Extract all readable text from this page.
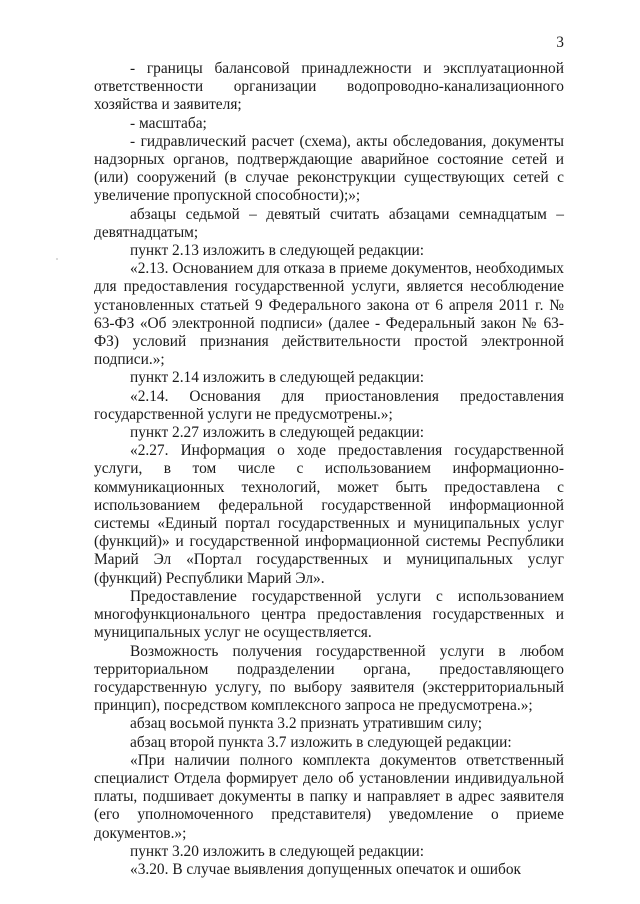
3

- границы балансовой принадлежности и эксплуатационной ответственности организации водопроводно-канализационного хозяйства и заявителя;

- масштаба;

- гидравлический расчет (схема), акты обследования, документы надзорных органов, подтверждающие аварийное состояние сетей и (или) сооружений (в случае реконструкции существующих сетей с увеличение пропускной способности);»;

абзацы седьмой – девятый считать абзацами семнадцатым – девятнадцатым;

пункт 2.13 изложить в следующей редакции:

«2.13. Основанием для отказа в приеме документов, необходимых для предоставления государственной услуги, является несоблюдение установленных статьей 9 Федерального закона от 6 апреля 2011 г. № 63-ФЗ «Об электронной подписи» (далее - Федеральный закон № 63-ФЗ) условий признания действительности простой электронной подписи.»;

пункт 2.14 изложить в следующей редакции:

«2.14. Основания для приостановления предоставления государственной услуги не предусмотрены.»;

пункт 2.27 изложить в следующей редакции:

«2.27. Информация о ходе предоставления государственной услуги, в том числе с использованием информационно-коммуникационных технологий, может быть предоставлена с использованием федеральной государственной информационной системы «Единый портал государственных и муниципальных услуг (функций)» и государственной информационной системы Республики Марий Эл «Портал государственных и муниципальных услуг (функций) Республики Марий Эл».

Предоставление государственной услуги с использованием многофункционального центра предоставления государственных и муниципальных услуг не осуществляется.

Возможность получения государственной услуги в любом территориальном подразделении органа, предоставляющего государственную услугу, по выбору заявителя (экстерриториальный принцип), посредством комплексного запроса не предусмотрена.»;

абзац восьмой пункта 3.2 признать утратившим силу;

абзац второй пункта 3.7 изложить в следующей редакции:

«При наличии полного комплекта документов ответственный специалист Отдела формирует дело об установлении индивидуальной платы, подшивает документы в папку и направляет в адрес заявителя (его уполномоченного представителя) уведомление о приеме документов.»;

пункт 3.20 изложить в следующей редакции:

«3.20. В случае выявления допущенных опечаток и ошибок
